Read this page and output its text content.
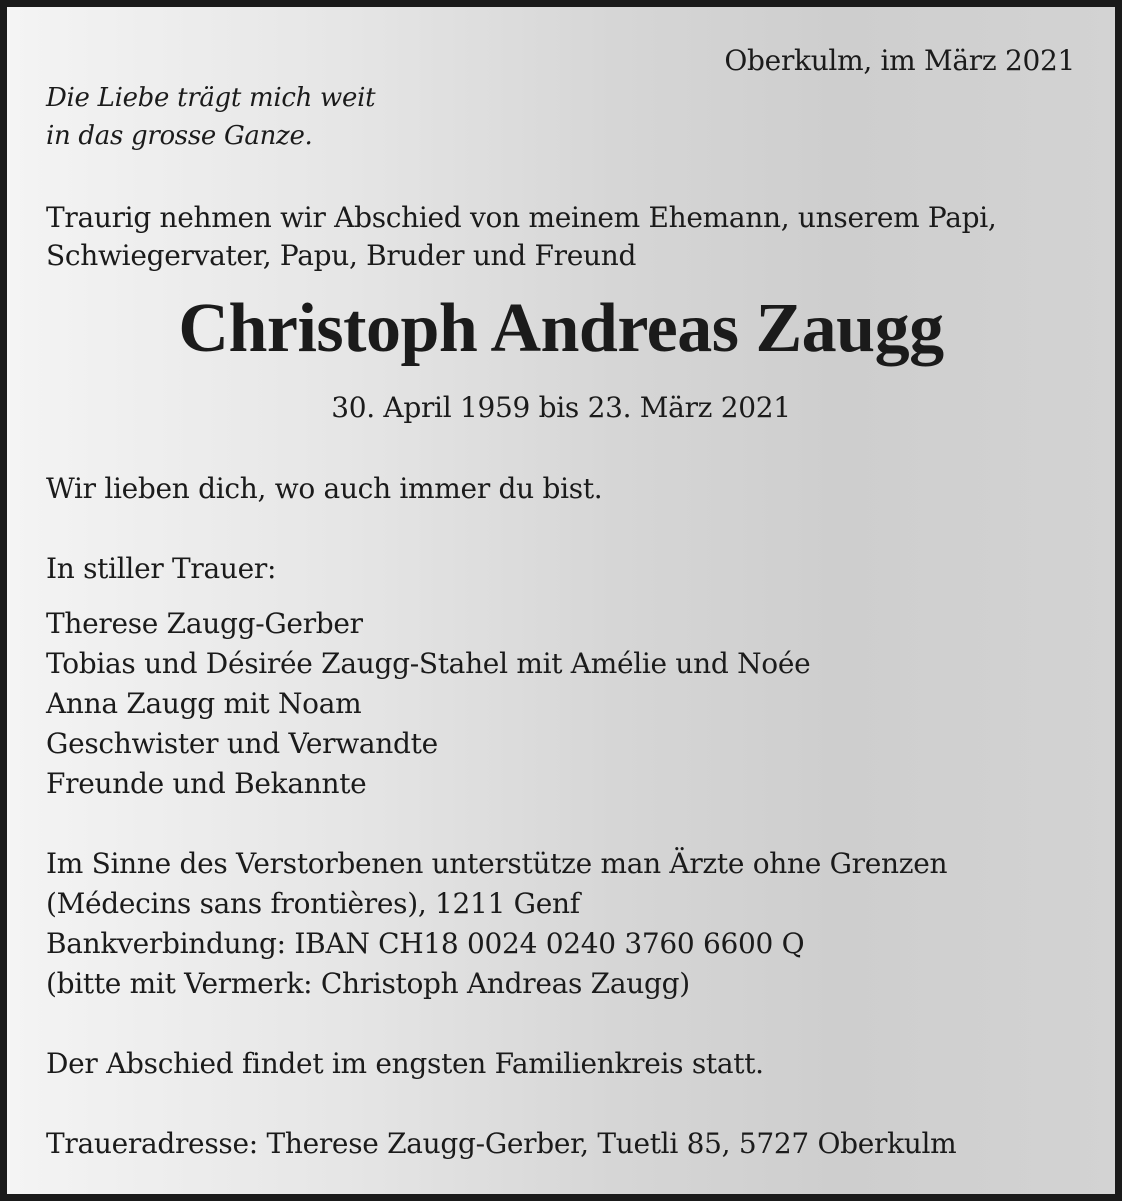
Oberkulm, im März 2021

Die Liebe trägt mich weit

in das grosse Ganze.

Traurig nehmen wir Abschied von meinem Ehemann, unserem Papi,

Schwiegervater, Papu, Bruder und Freund

Christoph Andreas Zaugg

30. April 1959 bis 23. März 2021

Wir lieben dich, wo auch immer du bist.

In stiller Trauer:

Therese Zaugg-Gerber

Tobias und Désirée Zaugg-Stahel mit Amélie und Noée

Anna Zaugg mit Noam

Geschwister und Verwandte

Freunde und Bekannte

Im Sinne des Verstorbenen unterstütze man Ärzte ohne Grenzen

(Médecins sans frontières), 1211 Genf

Bankverbindung: IBAN CH18 0024 0240 3760 6600 Q

(bitte mit Vermerk: Christoph Andreas Zaugg)

Der Abschied findet im engsten Familienkreis statt.

Traueradresse: Therese Zaugg-Gerber, Tuetli 85, 5727 Oberkulm
